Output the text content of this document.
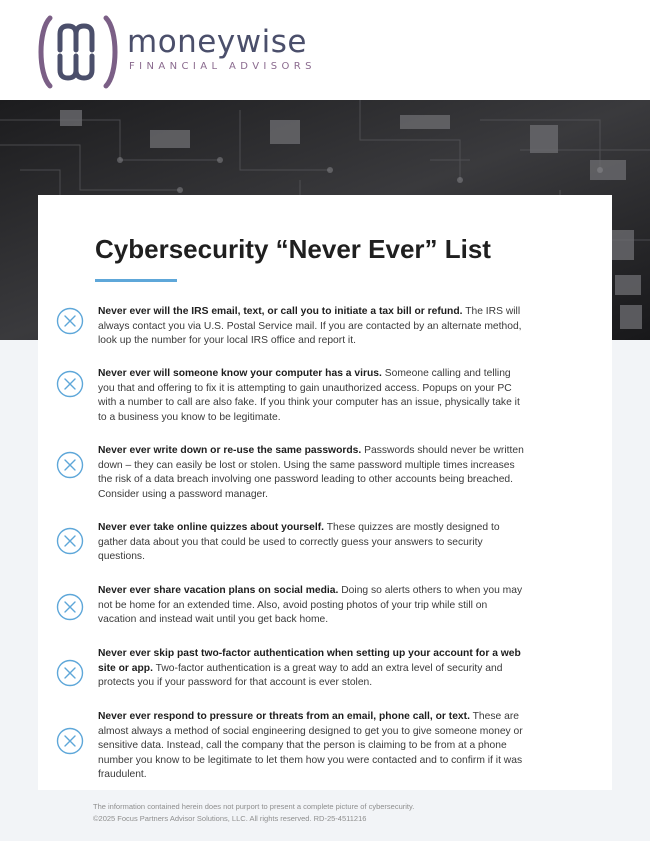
moneywise
FINANCIAL ADVISORS
Cybersecurity “Never Ever” List
Never ever will the IRS email, text, or call you to initiate a tax bill or refund. The IRS will always contact you via U.S. Postal Service mail. If you are contacted by an alternate method, look up the number for your local IRS office and report it.
Never ever will someone know your computer has a virus. Someone calling and telling you that and offering to fix it is attempting to gain unauthorized access. Popups on your PC with a number to call are also fake. If you think your computer has an issue, physically take it to a business you know to be legitimate.
Never ever write down or re-use the same passwords. Passwords should never be written down – they can easily be lost or stolen. Using the same password multiple times increases the risk of a data breach involving one password leading to other accounts being breached. Consider using a password manager.
Never ever take online quizzes about yourself. These quizzes are mostly designed to gather data about you that could be used to correctly guess your answers to security questions.
Never ever share vacation plans on social media. Doing so alerts others to when you may not be home for an extended time. Also, avoid posting photos of your trip while still on vacation and instead wait until you get back home.
Never ever skip past two-factor authentication when setting up your account for a web site or app. Two-factor authentication is a great way to add an extra level of security and protects you if your password for that account is ever stolen.
Never ever respond to pressure or threats from an email, phone call, or text. These are almost always a method of social engineering designed to get you to give someone money or sensitive data. Instead, call the company that the person is claiming to be from at a phone number you know to be legitimate to let them how you were contacted and to confirm if it was fraudulent.
The information contained herein does not purport to present a complete picture of cybersecurity.
©2025 Focus Partners Advisor Solutions, LLC. All rights reserved. RD-25-4511216
